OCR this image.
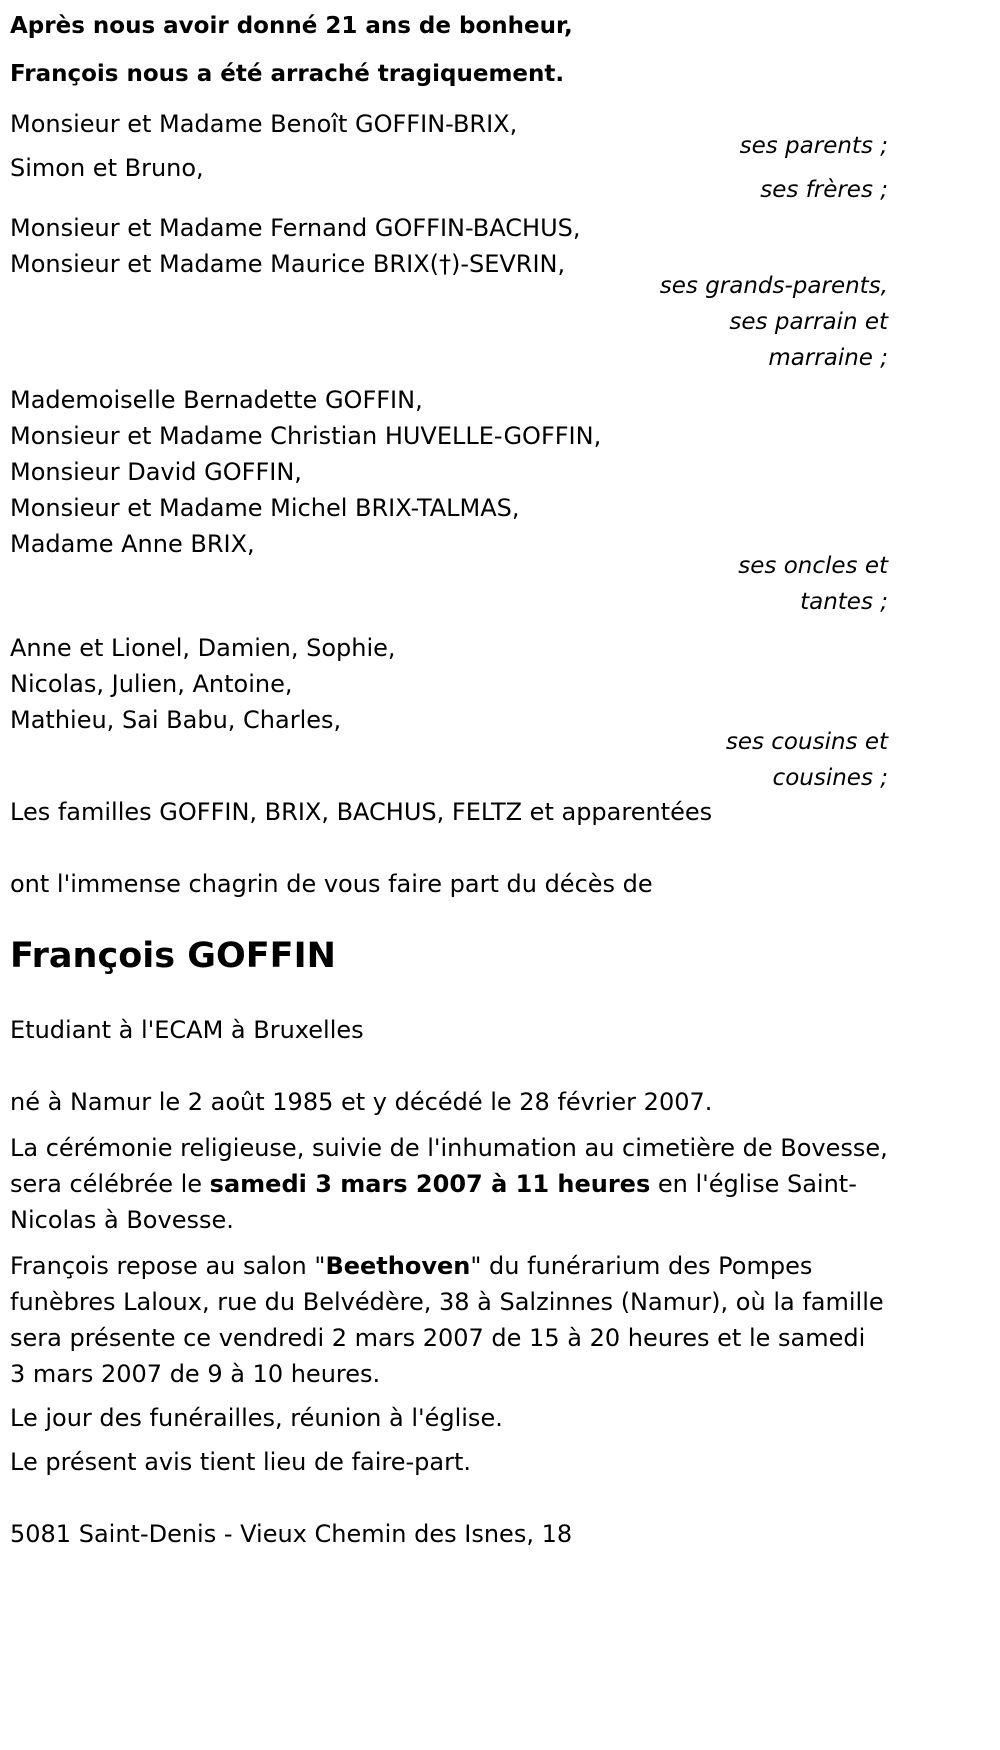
Après nous avoir donné 21 ans de bonheur,
François nous a été arraché tragiquement.

Monsieur et Madame Benoît GOFFIN-BRIX,
ses parents ;
Simon et Bruno,
ses frères ;
Monsieur et Madame Fernand GOFFIN-BACHUS,
Monsieur et Madame Maurice BRIX(†)-SEVRIN,
ses grands-parents, ses parrain et marraine ;
Mademoiselle Bernadette GOFFIN,
Monsieur et Madame Christian HUVELLE-GOFFIN,
Monsieur David GOFFIN,
Monsieur et Madame Michel BRIX-TALMAS,
Madame Anne BRIX,
ses oncles et tantes ;
Anne et Lionel, Damien, Sophie,
Nicolas, Julien, Antoine,
Mathieu, Sai Babu, Charles,
ses cousins et cousines ;
Les familles GOFFIN, BRIX, BACHUS, FELTZ et apparentées
ont l'immense chagrin de vous faire part du décès de
François GOFFIN
Etudiant à l'ECAM à Bruxelles
né à Namur le 2 août 1985 et y décédé le 28 février 2007.
La cérémonie religieuse, suivie de l'inhumation au cimetière de Bovesse, sera célébrée le samedi 3 mars 2007 à 11 heures en l'église Saint-Nicolas à Bovesse.
François repose au salon "Beethoven" du funérarium des Pompes funèbres Laloux, rue du Belvédère, 38 à Salzinnes (Namur), où la famille sera présente ce vendredi 2 mars 2007 de 15 à 20 heures et le samedi 3 mars 2007 de 9 à 10 heures.
Le jour des funérailles, réunion à l'église.
Le présent avis tient lieu de faire-part.
5081 Saint-Denis - Vieux Chemin des Isnes, 18
